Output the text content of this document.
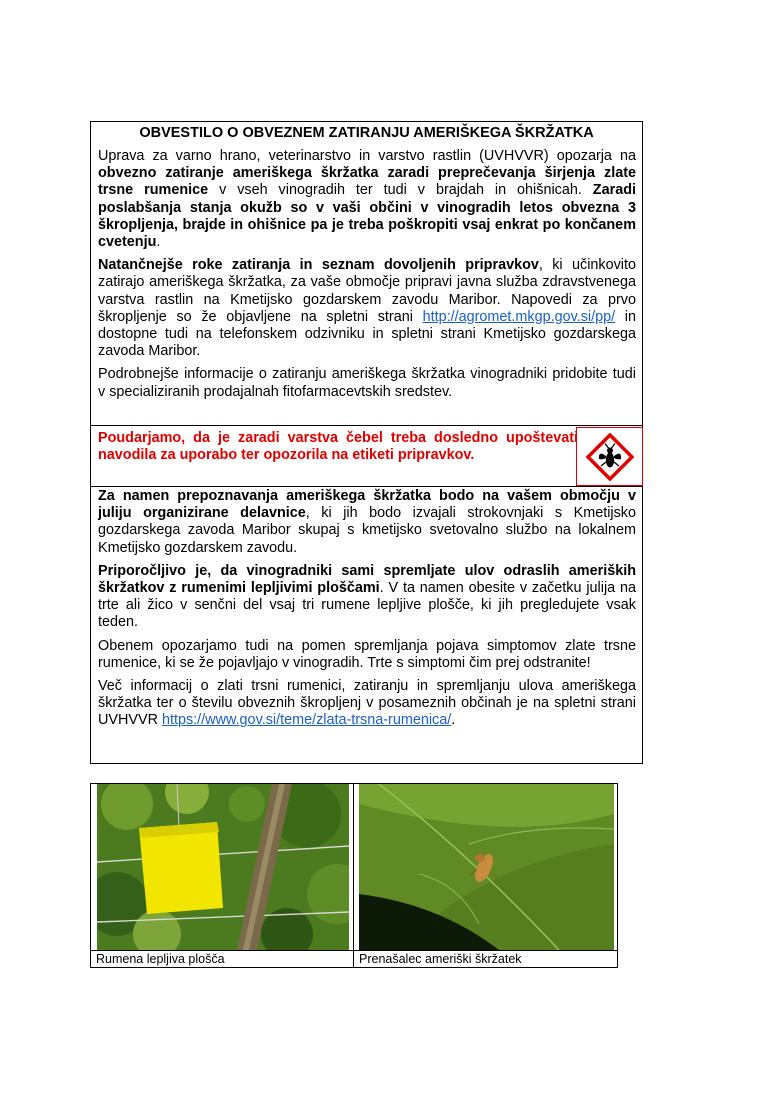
OBVESTILO O OBVEZNEM ZATIRANJU AMERIŠKEGA ŠKRŽATKA

Uprava za varno hrano, veterinarstvo in varstvo rastlin (UVHVVR) opozarja na obvezno zatiranje ameriškega škržatka zaradi preprečevanja širjenja zlate trsne rumenice v vseh vinogradih ter tudi v brajdah in ohišnicah. Zaradi poslabšanja stanja okužb so v vaši občini v vinogradih letos obvezna 3 škropljenja, brajde in ohišnice pa je treba poškropiti vsaj enkrat po končanem cvetenju.

Natančnejše roke zatiranja in seznam dovoljenih pripravkov, ki učinkovito zatirajo ameriškega škržatka, za vaše območje pripravi javna služba zdravstvenega varstva rastlin na Kmetijsko gozdarskem zavodu Maribor. Napovedi za prvo škropljenje so že objavljene na spletni strani http://agromet.mkgp.gov.si/pp/ in dostopne tudi na telefonskem odzivniku in spletni strani Kmetijsko gozdarskega zavoda Maribor.

Podrobnejše informacije o zatiranju ameriškega škržatka vinogradniki pridobite tudi v specializiranih prodajalnah fitofarmacevtskih sredstev.

Poudarjamo, da je zaradi varstva čebel treba dosledno upoštevati navodila za uporabo ter opozorila na etiketi pripravkov.

Za namen prepoznavanja ameriškega škržatka bodo na vašem območju v juliju organizirane delavnice, ki jih bodo izvajali strokovnjaki s Kmetijsko gozdarskega zavoda Maribor skupaj s kmetijsko svetovalno službo na lokalnem Kmetijsko gozdarskem zavodu.

Priporočljivo je, da vinogradniki sami spremljate ulov odraslih ameriških škržatkov z rumenimi lepljivimi ploščami. V ta namen obesite v začetku julija na trte ali žico v senčni del vsaj tri rumene lepljive plošče, ki jih pregledujete vsak teden.

Obenem opozarjamo tudi na pomen spremljanja pojava simptomov zlate trsne rumenice, ki se že pojavljajo v vinogradih. Trte s simptomi čim prej odstranite!

Več informacij o zlati trsni rumenici, zatiranju in spremljanju ulova ameriškega škržatka ter o številu obveznih škropljenj v posameznih občinah je na spletni strani UVHVVR https://www.gov.si/teme/zlata-trsna-rumenica/.

Rumena lepljiva plošča	Prenašalec ameriški škržatek
